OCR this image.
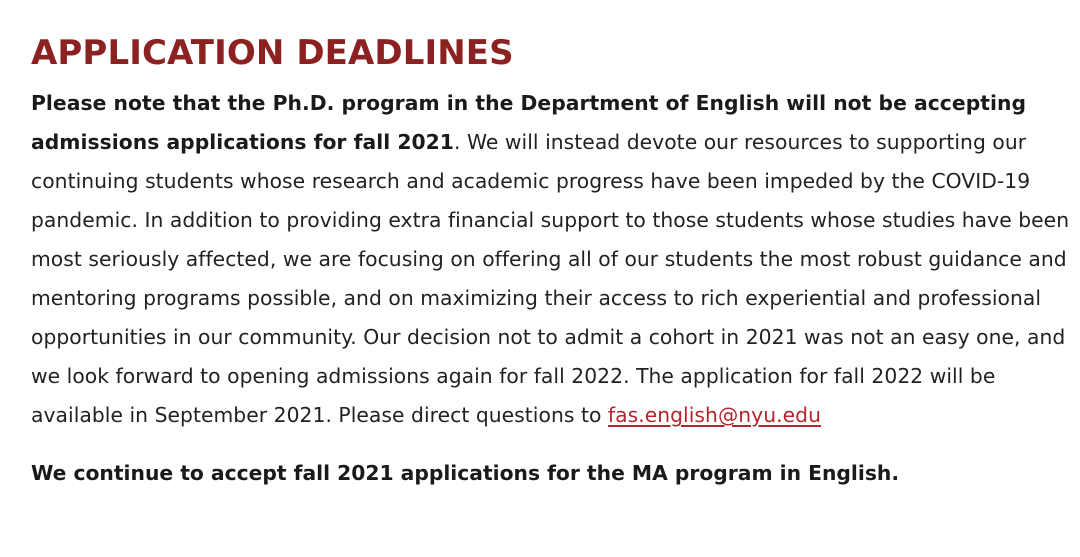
APPLICATION DEADLINES

Please note that the Ph.D. program in the Department of English will not be accepting admissions applications for fall 2021. We will instead devote our resources to supporting our continuing students whose research and academic progress have been impeded by the COVID-19 pandemic. In addition to providing extra financial support to those students whose studies have been most seriously affected, we are focusing on offering all of our students the most robust guidance and mentoring programs possible, and on maximizing their access to rich experiential and professional opportunities in our community. Our decision not to admit a cohort in 2021 was not an easy one, and we look forward to opening admissions again for fall 2022. The application for fall 2022 will be available in September 2021. Please direct questions to fas.english@nyu.edu

We continue to accept fall 2021 applications for the MA program in English.
